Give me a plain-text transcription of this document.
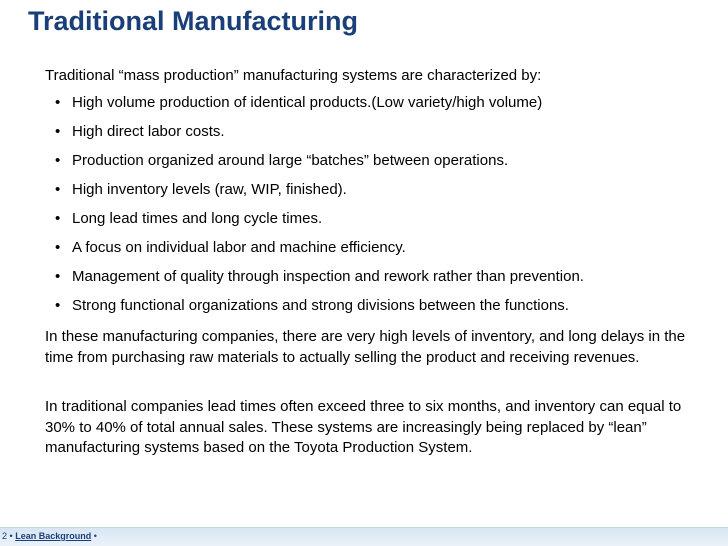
Traditional Manufacturing
Traditional “mass production” manufacturing systems are characterized by:
• High volume production of identical products.(Low variety/high volume)
• High direct labor costs.
• Production organized around large “batches” between operations.
• High inventory levels (raw, WIP, finished).
• Long lead times and long cycle times.
• A focus on individual labor and machine efficiency.
• Management of quality through inspection and rework rather than prevention.
• Strong functional organizations and strong divisions between the functions.
In these manufacturing companies, there are very high levels of inventory, and long delays in the time from purchasing raw materials to actually selling the product and receiving revenues.
In traditional companies lead times often exceed three to six months, and inventory can equal to 30% to 40% of total annual sales. These systems are increasingly being replaced by “lean” manufacturing systems based on the Toyota Production System.
2 • Lean Background •
